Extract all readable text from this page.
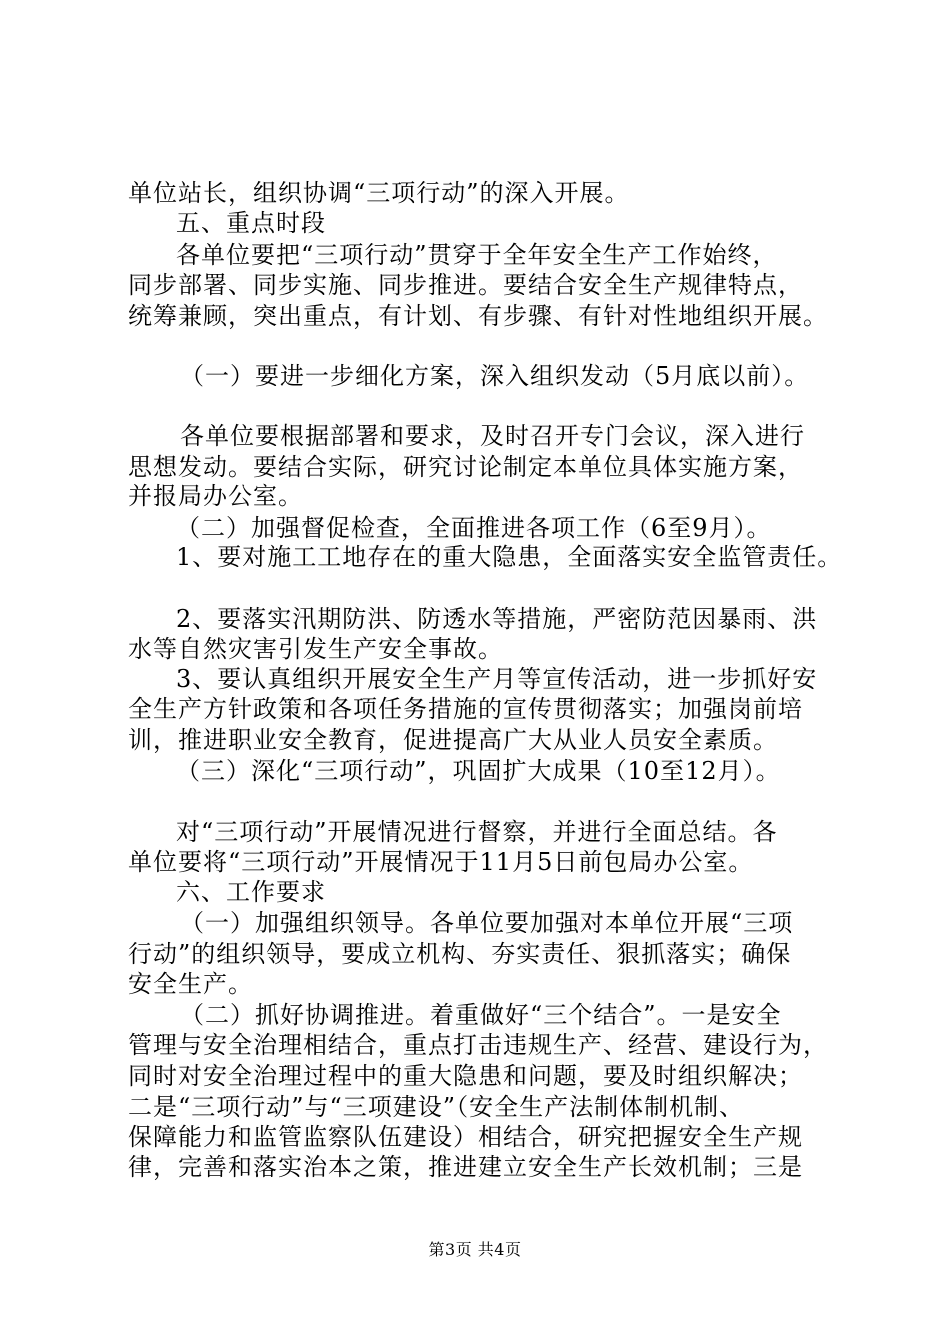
单位站长，组织协调“三项行动”的深入开展。
五、重点时段
各单位要把“三项行动”贯穿于全年安全生产工作始终，
同步部署、同步实施、同步推进。要结合安全生产规律特点，
统筹兼顾，突出重点，有计划、有步骤、有针对性地组织开展。
（一）要进一步细化方案，深入组织发动（5月底以前）。
各单位要根据部署和要求，及时召开专门会议，深入进行
思想发动。要结合实际，研究讨论制定本单位具体实施方案，
并报局办公室。
（二）加强督促检查，全面推进各项工作（6至9月）。
1、要对施工工地存在的重大隐患，全面落实安全监管责任。
2、要落实汛期防洪、防透水等措施，严密防范因暴雨、洪
水等自然灾害引发生产安全事故。
3、要认真组织开展安全生产月等宣传活动，进一步抓好安
全生产方针政策和各项任务措施的宣传贯彻落实；加强岗前培
训，推进职业安全教育，促进提高广大从业人员安全素质。
（三）深化“三项行动”，巩固扩大成果（10至12月）。
对“三项行动”开展情况进行督察，并进行全面总结。各
单位要将“三项行动”开展情况于11月5日前包局办公室。
六、工作要求
（一）加强组织领导。各单位要加强对本单位开展“三项
行动”的组织领导，要成立机构、夯实责任、狠抓落实；确保
安全生产。
（二）抓好协调推进。着重做好“三个结合”。一是安全
管理与安全治理相结合，重点打击违规生产、经营、建设行为，
同时对安全治理过程中的重大隐患和问题，要及时组织解决；
二是“三项行动”与“三项建设”（安全生产法制体制机制、
保障能力和监管监察队伍建设）相结合，研究把握安全生产规
律，完善和落实治本之策，推进建立安全生产长效机制；三是
第3页 共4页
